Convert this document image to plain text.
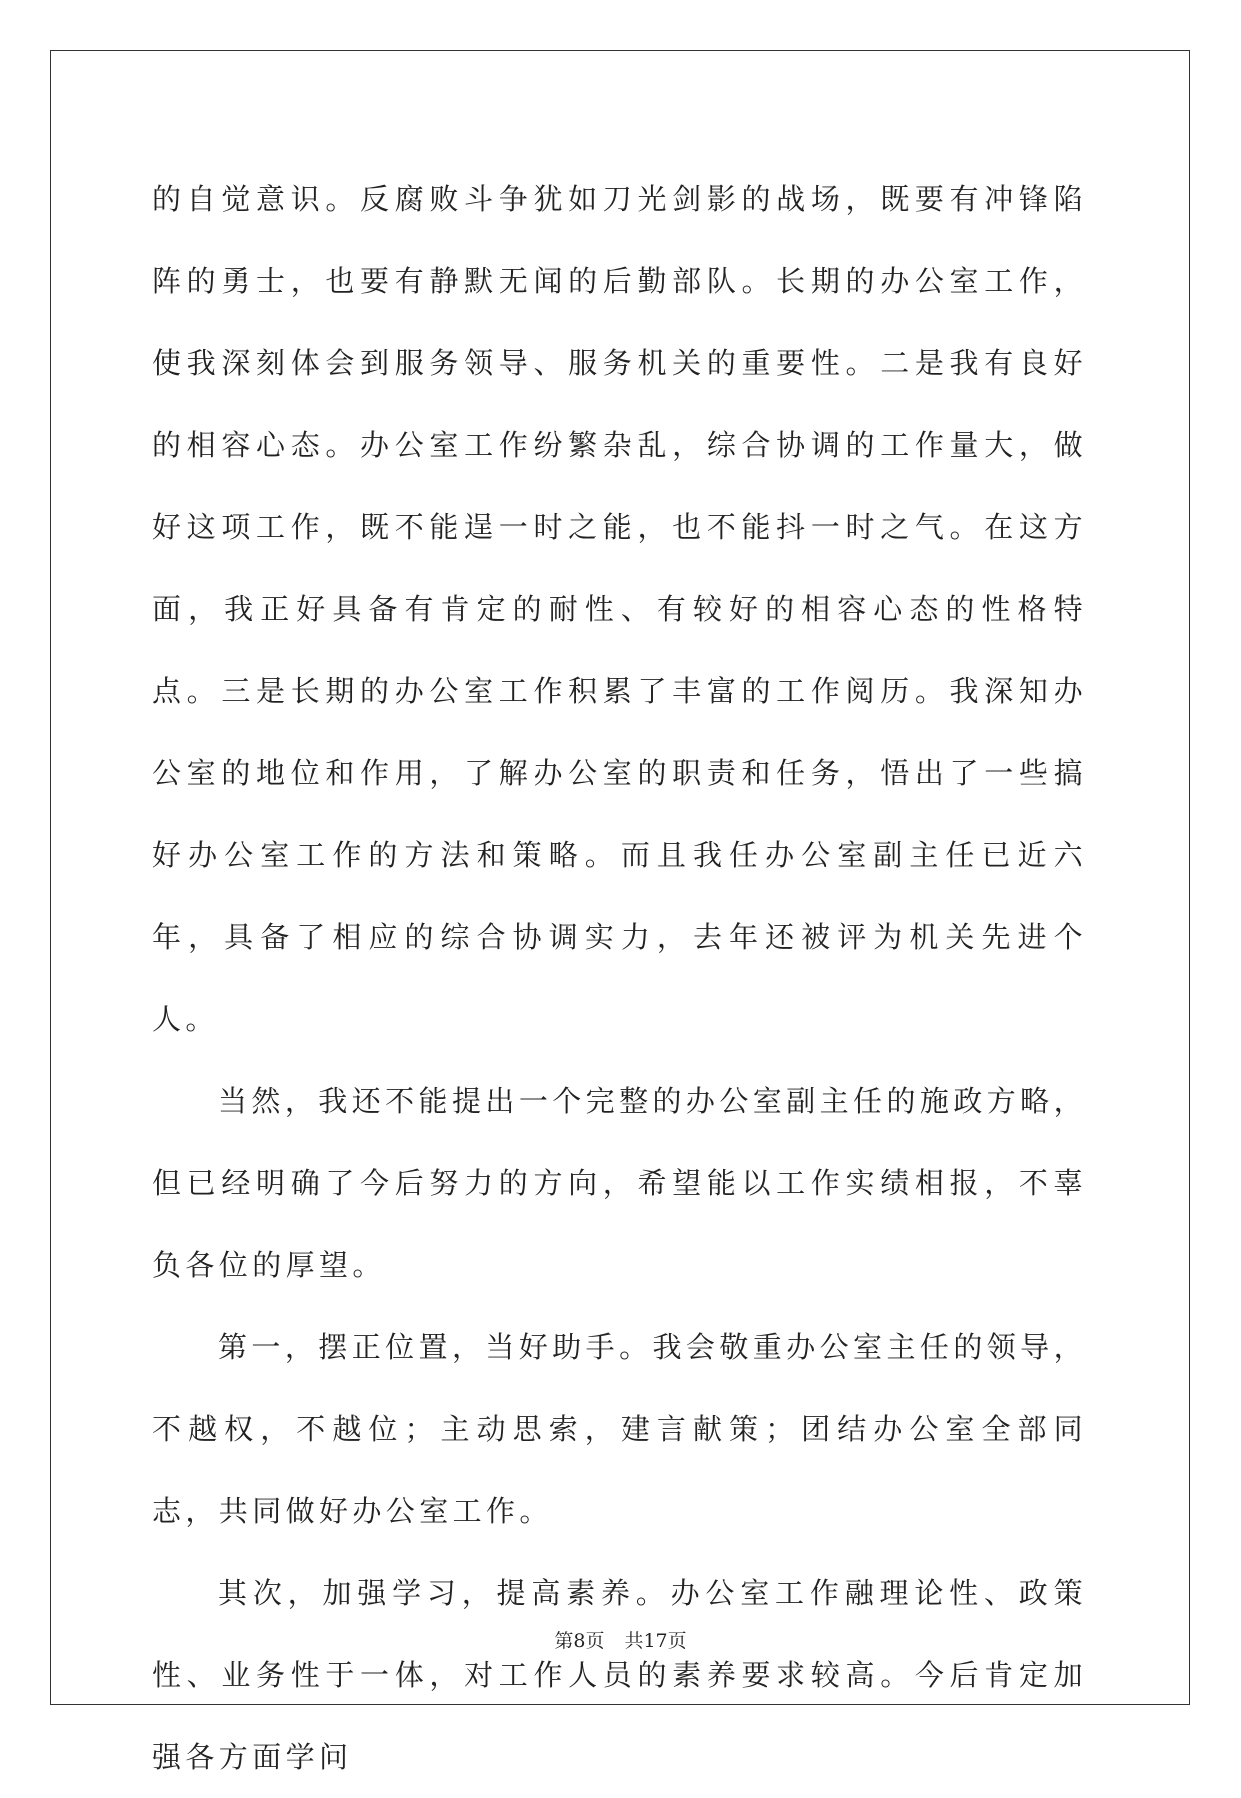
的自觉意识。反腐败斗争犹如刀光剑影的战场，既要有冲锋陷阵的勇士，也要有静默无闻的后勤部队。长期的办公室工作，使我深刻体会到服务领导、服务机关的重要性。二是我有良好的相容心态。办公室工作纷繁杂乱，综合协调的工作量大，做好这项工作，既不能逞一时之能，也不能抖一时之气。在这方面，我正好具备有肯定的耐性、有较好的相容心态的性格特点。三是长期的办公室工作积累了丰富的工作阅历。我深知办公室的地位和作用，了解办公室的职责和任务，悟出了一些搞好办公室工作的方法和策略。而且我任办公室副主任已近六年，具备了相应的综合协调实力，去年还被评为机关先进个人。

当然，我还不能提出一个完整的办公室副主任的施政方略，但已经明确了今后努力的方向，希望能以工作实绩相报，不辜负各位的厚望。

第一，摆正位置，当好助手。我会敬重办公室主任的领导，不越权，不越位；主动思索，建言献策；团结办公室全部同志，共同做好办公室工作。

其次，加强学习，提高素养。办公室工作融理论性、政策性、业务性于一体，对工作人员的素养要求较高。今后肯定加强各方面学问

第8页 共17页
